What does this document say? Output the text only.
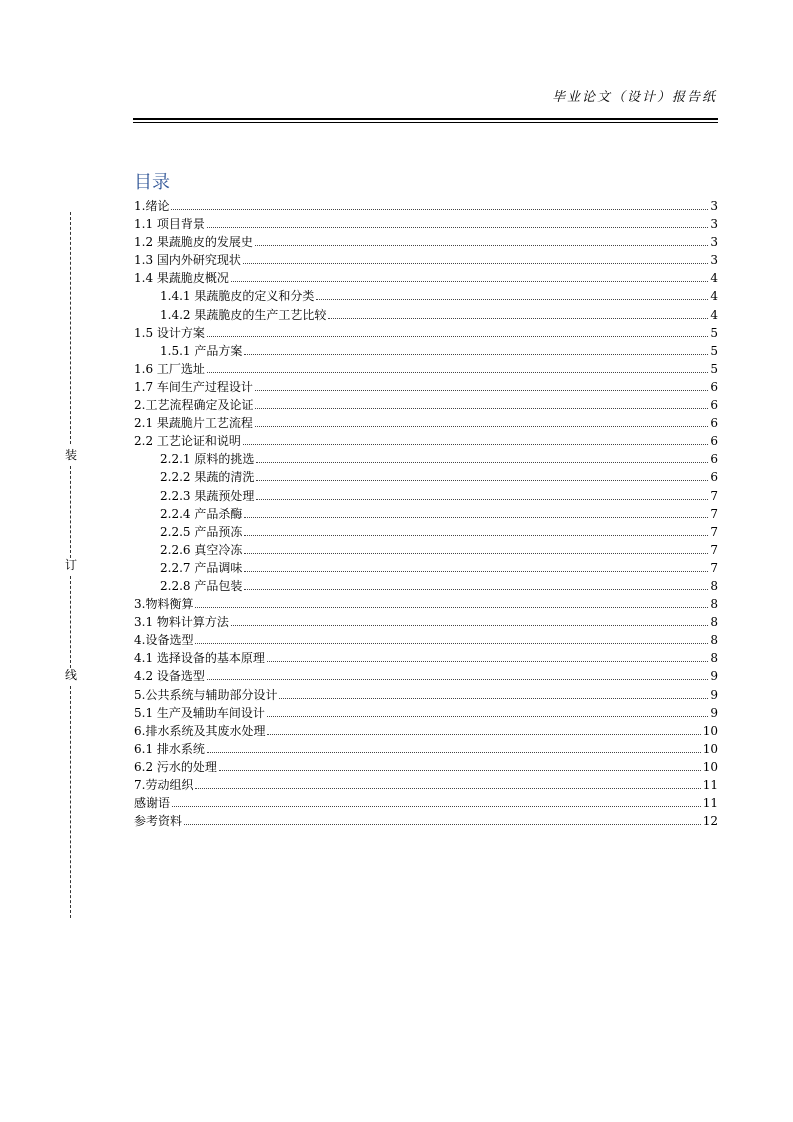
毕业论文（设计）报告纸
装
订
线
目录
1.绪论	3
1.1 项目背景	3
1.2 果蔬脆皮的发展史	3
1.3 国内外研究现状	3
1.4 果蔬脆皮概况	4
1.4.1 果蔬脆皮的定义和分类	4
1.4.2 果蔬脆皮的生产工艺比较	4
1.5 设计方案	5
1.5.1 产品方案	5
1.6 工厂选址	5
1.7 车间生产过程设计	6
2.工艺流程确定及论证	6
2.1 果蔬脆片工艺流程	6
2.2 工艺论证和说明	6
2.2.1 原料的挑选	6
2.2.2 果蔬的清洗	6
2.2.3 果蔬预处理	7
2.2.4 产品杀酶	7
2.2.5 产品预冻	7
2.2.6 真空冷冻	7
2.2.7 产品调味	7
2.2.8 产品包装	8
3.物料衡算	8
3.1 物料计算方法	8
4.设备选型	8
4.1 选择设备的基本原理	8
4.2 设备选型	9
5.公共系统与辅助部分设计	9
5.1 生产及辅助车间设计	9
6.排水系统及其废水处理	10
6.1 排水系统	10
6.2 污水的处理	10
7.劳动组织	11
感谢语	11
参考资料	12
